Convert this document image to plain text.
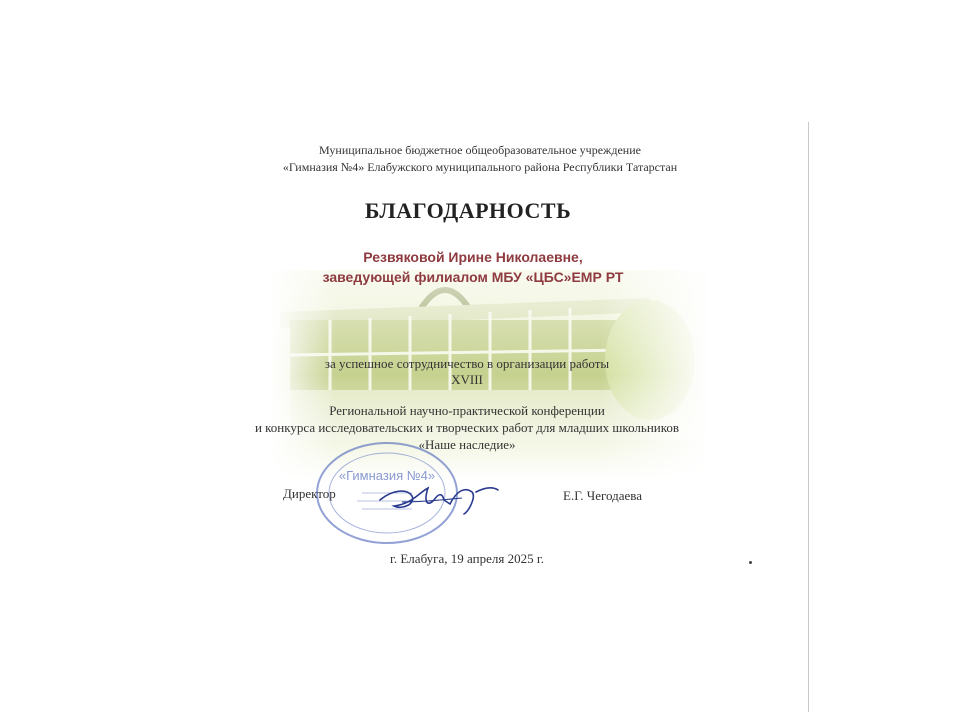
Муниципальное бюджетное общеобразовательное учреждение
«Гимназия №4» Елабужского муниципального района Республики Татарстан
БЛАГОДАРНОСТЬ
Резвяковой Ирине Николаевне,
заведующей филиалом МБУ «ЦБС»ЕМР РТ
за успешное сотрудничество в организации работы
XVIII
Региональной научно-практической конференции
и конкурса исследовательских и творческих работ для младших школьников
«Наше наследие»
«Гимназия №4»
Директор	Е.Г. Чегодаева
г. Елабуга, 19 апреля 2025 г.
